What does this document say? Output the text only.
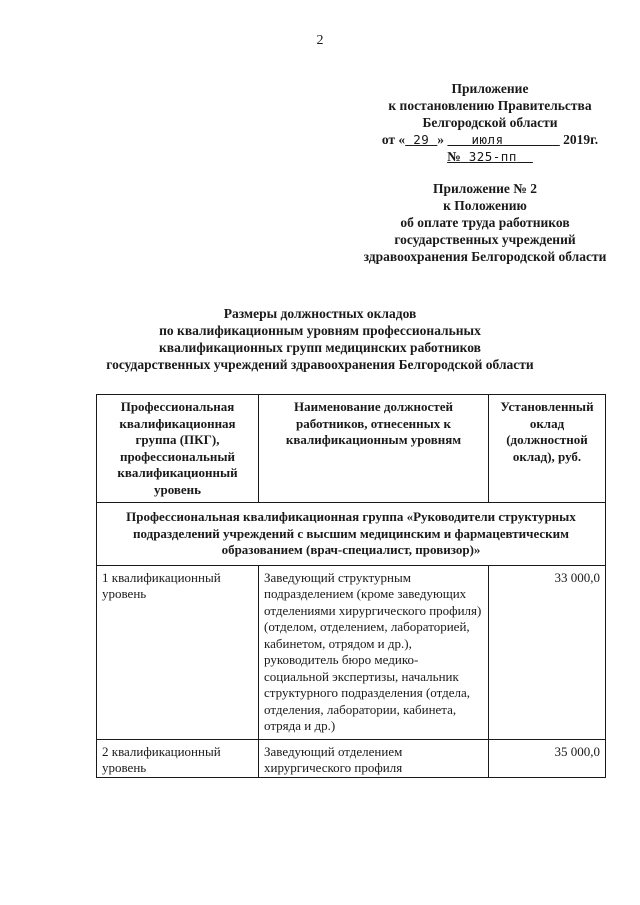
2
Приложение
к постановлению Правительства
Белгородской области
от « 29 » июля	2019г.
№ 325-пп
Приложение № 2
к Положению
об оплате труда работников
государственных учреждений
здравоохранения Белгородской области
Размеры должностных окладов
по квалификационным уровням профессиональных
квалификационных групп медицинских работников
государственных учреждений здравоохранения Белгородской области
Профессиональная квалификационная группа (ПКГ), профессиональный квалификационный уровень	Наименование должностей работников, отнесенных к квалификационным уровням	Установленный оклад (должностной оклад), руб.
Профессиональная квалификационная группа «Руководители структурных подразделений учреждений с высшим медицинским и фармацевтическим образованием (врач-специалист, провизор)»		
1 квалификационный уровень	Заведующий структурным подразделением (кроме заведующих отделениями хирургического профиля) (отделом, отделением, лабораторией, кабинетом, отрядом и др.), руководитель бюро медико-социальной экспертизы, начальник структурного подразделения (отдела, отделения, лаборатории, кабинета, отряда и др.)	33 000,0
2 квалификационный уровень	Заведующий отделением хирургического профиля	35 000,0
